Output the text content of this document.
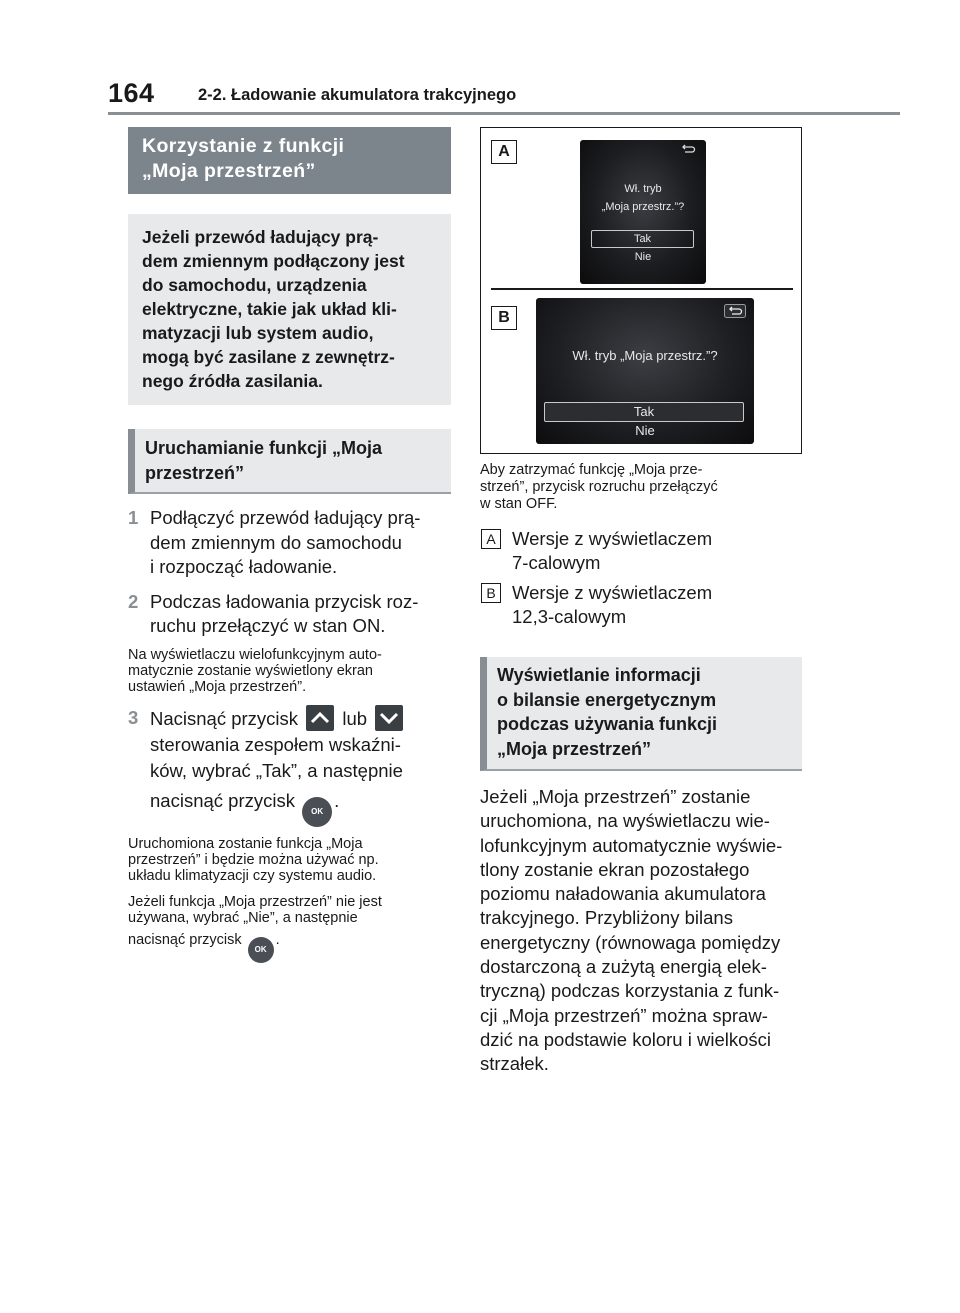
164	2-2. Ładowanie akumulatora trakcyjnego
Korzystanie z funkcji
„Moja przestrzeń”
Jeżeli przewód ładujący prą-
dem zmiennym podłączony jest
do samochodu, urządzenia
elektryczne, takie jak układ kli-
matyzacji lub system audio,
mogą być zasilane z zewnętrz-
nego źródła zasilania.
Uruchamianie funkcji „Moja
przestrzeń”
1 Podłączyć przewód ładujący prą-
dem zmiennym do samochodu
i rozpocząć ładowanie.
2 Podczas ładowania przycisk roz-
ruchu przełączyć w stan ON.
Na wyświetlaczu wielofunkcyjnym auto-
matycznie zostanie wyświetlony ekran
ustawień „Moja przestrzeń”.
3 Nacisnąć przycisk lub
sterowania zespołem wskaźni-
ków, wybrać „Tak”, a następnie
nacisnąć przycisk OK.
Uruchomiona zostanie funkcja „Moja
przestrzeń” i będzie można używać np.
układu klimatyzacji czy systemu audio.
Jeżeli funkcja „Moja przestrzeń” nie jest
używana, wybrać „Nie”, a następnie
nacisnąć przycisk OK.
A
Wł. tryb
„Moja przestrz.”?
Tak
Nie
B
Wł. tryb „Moja przestrz.”?
Tak
Nie
Aby zatrzymać funkcję „Moja prze-
strzeń”, przycisk rozruchu przełączyć
w stan OFF.
A Wersje z wyświetlaczem
7-calowym
B Wersje z wyświetlaczem
12,3-calowym
Wyświetlanie informacji
o bilansie energetycznym
podczas używania funkcji
„Moja przestrzeń”
Jeżeli „Moja przestrzeń” zostanie
uruchomiona, na wyświetlaczu wie-
lofunkcyjnym automatycznie wyświe-
tlony zostanie ekran pozostałego
poziomu naładowania akumulatora
trakcyjnego. Przybliżony bilans
energetyczny (równowaga pomiędzy
dostarczoną a zużytą energią elek-
tryczną) podczas korzystania z funk-
cji „Moja przestrzeń” można spraw-
dzić na podstawie koloru i wielkości
strzałek.
